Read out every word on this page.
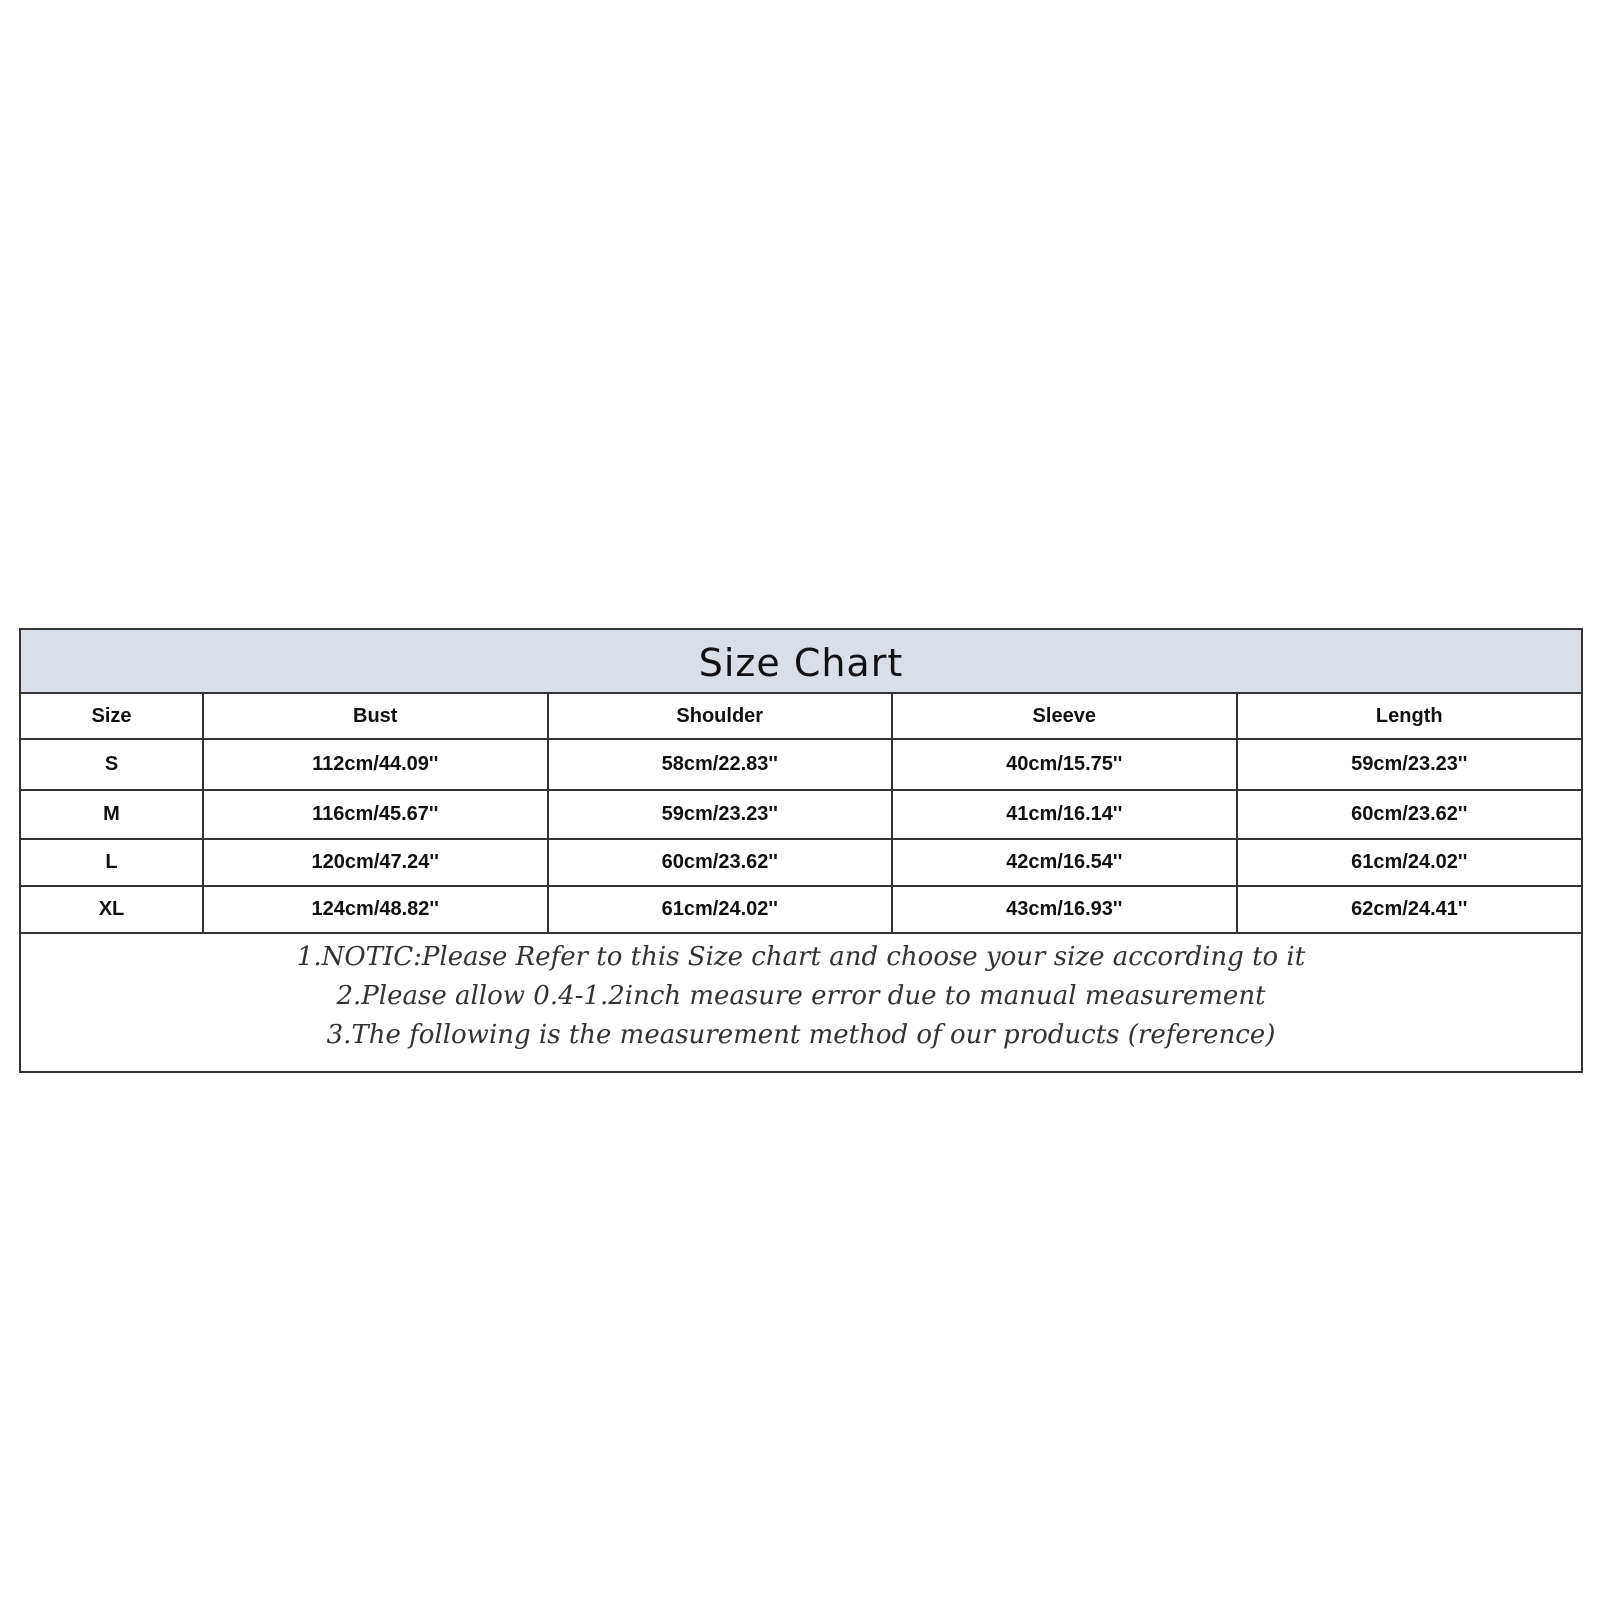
Size Chart
Size	Bust	Shoulder	Sleeve	Length
S	112cm/44.09''	58cm/22.83''	40cm/15.75''	59cm/23.23''
M	116cm/45.67''	59cm/23.23''	41cm/16.14''	60cm/23.62''
L	120cm/47.24''	60cm/23.62''	42cm/16.54''	61cm/24.02''
XL	124cm/48.82''	61cm/24.02''	43cm/16.93''	62cm/24.41''
1.NOTIC:Please Refer to this Size chart and choose your size according to it
2.Please allow 0.4-1.2inch measure error due to manual measurement
3.The following is the measurement method of our products (reference)
